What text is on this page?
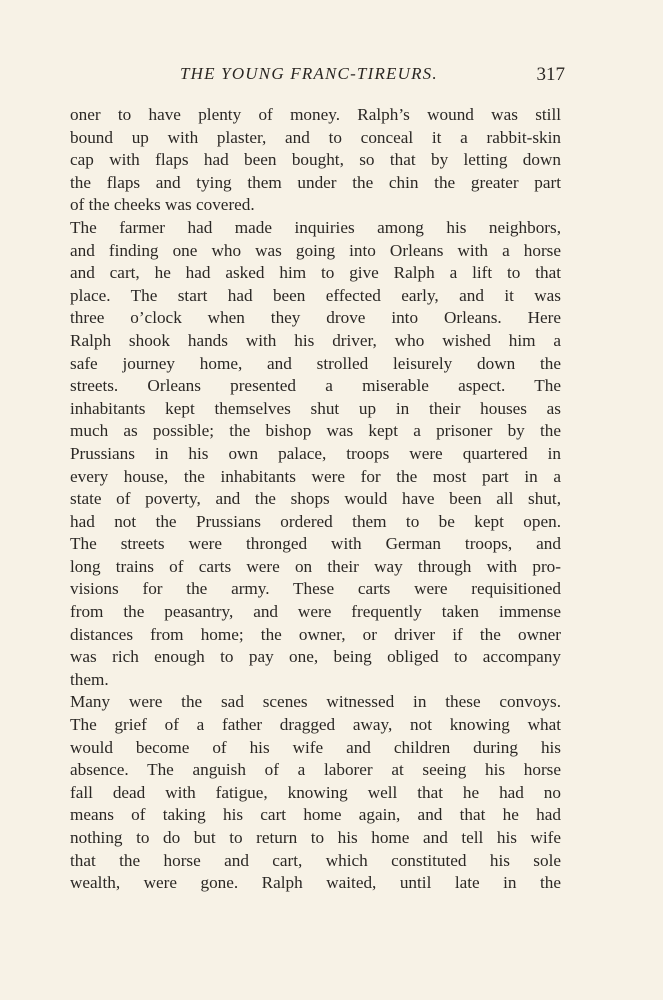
THE YOUNG FRANC-TIREURS.	317
oner to have plenty of money. Ralph’s wound was still
bound up with plaster, and to conceal it a rabbit-skin
cap with flaps had been bought, so that by letting down
the flaps and tying them under the chin the greater part
of the cheeks was covered.
The farmer had made inquiries among his neighbors,
and finding one who was going into Orleans with a horse
and cart, he had asked him to give Ralph a lift to that
place. The start had been effected early, and it was
three o’clock when they drove into Orleans. Here
Ralph shook hands with his driver, who wished him a
safe journey home, and strolled leisurely down the
streets. Orleans presented a miserable aspect. The
inhabitants kept themselves shut up in their houses as
much as possible; the bishop was kept a prisoner by the
Prussians in his own palace, troops were quartered in
every house, the inhabitants were for the most part in a
state of poverty, and the shops would have been all shut,
had not the Prussians ordered them to be kept open.
The streets were thronged with German troops, and
long trains of carts were on their way through with pro-
visions for the army. These carts were requisitioned
from the peasantry, and were frequently taken immense
distances from home; the owner, or driver if the owner
was rich enough to pay one, being obliged to accompany
them.
Many were the sad scenes witnessed in these convoys.
The grief of a father dragged away, not knowing what
would become of his wife and children during his
absence. The anguish of a laborer at seeing his horse
fall dead with fatigue, knowing well that he had no
means of taking his cart home again, and that he had
nothing to do but to return to his home and tell his wife
that the horse and cart, which constituted his sole
wealth, were gone. Ralph waited, until late in the
